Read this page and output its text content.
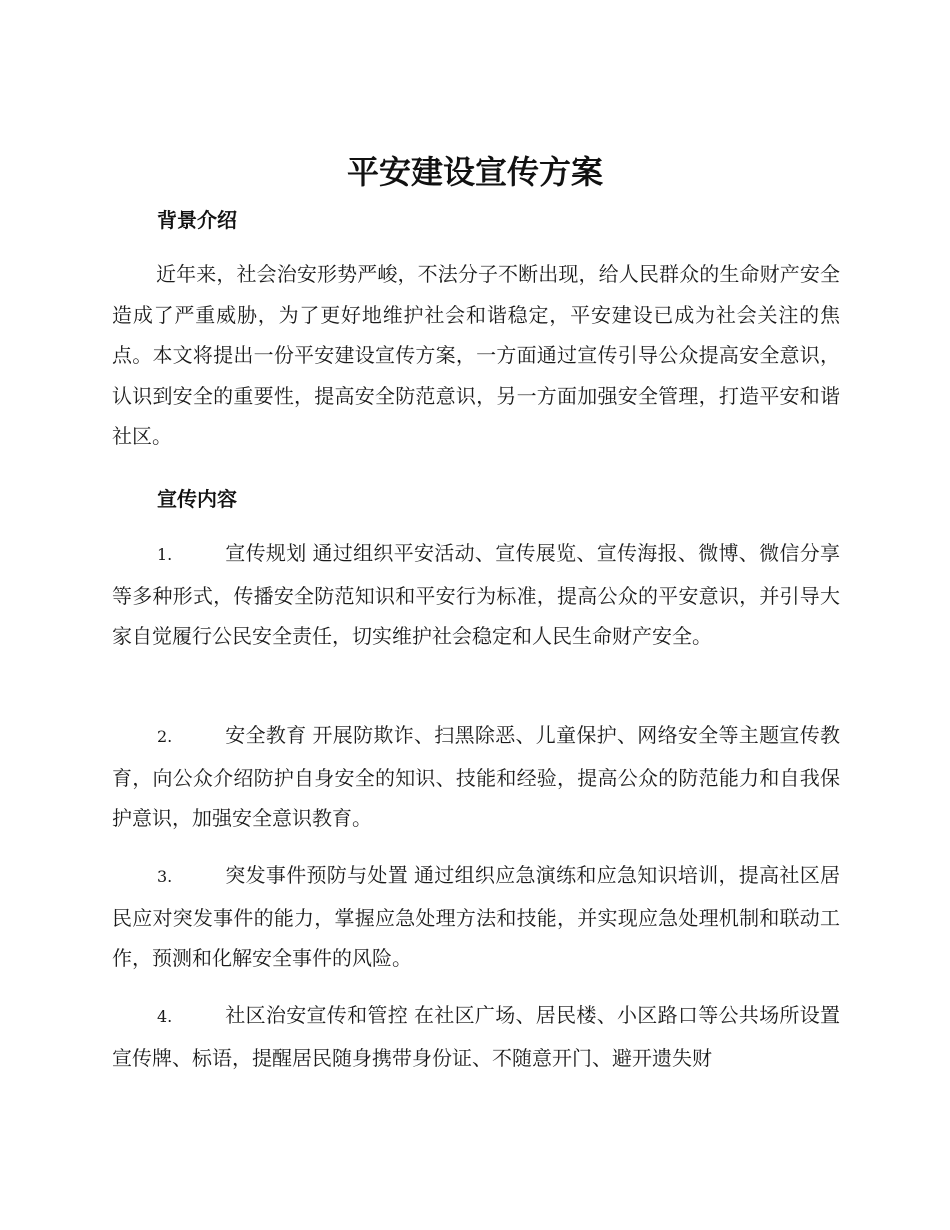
平安建设宣传方案
背景介绍
近年来，社会治安形势严峻，不法分子不断出现，给人民群众的生命财产安全造成了严重威胁，为了更好地维护社会和谐稳定，平安建设已成为社会关注的焦点。本文将提出一份平安建设宣传方案，一方面通过宣传引导公众提高安全意识，认识到安全的重要性，提高安全防范意识，另一方面加强安全管理，打造平安和谐社区。
宣传内容
1.	宣传规划 通过组织平安活动、宣传展览、宣传海报、微博、微信分享等多种形式，传播安全防范知识和平安行为标准，提高公众的平安意识，并引导大家自觉履行公民安全责任，切实维护社会稳定和人民生命财产安全。
2.	安全教育 开展防欺诈、扫黑除恶、儿童保护、网络安全等主题宣传教育，向公众介绍防护自身安全的知识、技能和经验，提高公众的防范能力和自我保护意识，加强安全意识教育。
3.	突发事件预防与处置 通过组织应急演练和应急知识培训，提高社区居民应对突发事件的能力，掌握应急处理方法和技能，并实现应急处理机制和联动工作，预测和化解安全事件的风险。
4.	社区治安宣传和管控 在社区广场、居民楼、小区路口等公共场所设置宣传牌、标语，提醒居民随身携带身份证、不随意开门、避开遗失财
